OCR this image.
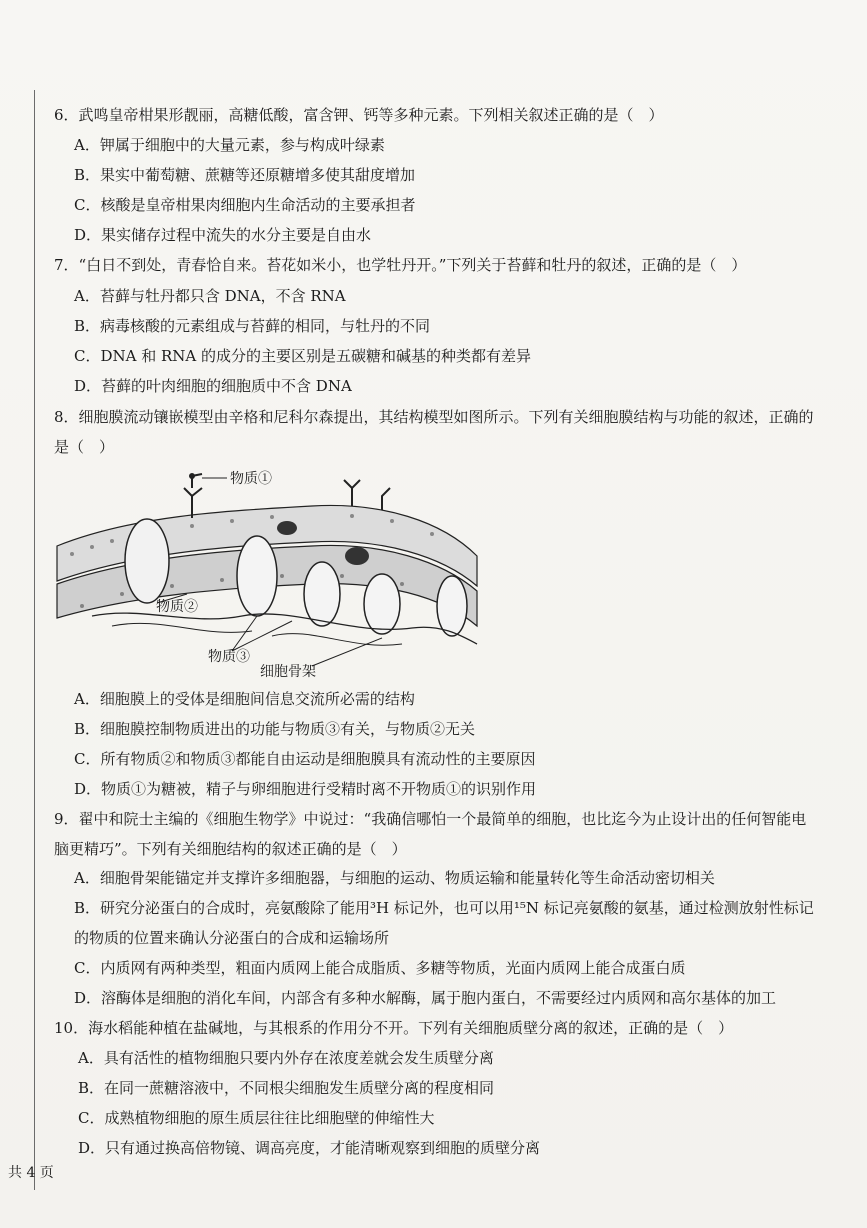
6．武鸣皇帝柑果形靓丽，高糖低酸，富含钾、钙等多种元素。下列相关叙述正确的是（　）
A．钾属于细胞中的大量元素，参与构成叶绿素
B．果实中葡萄糖、蔗糖等还原糖增多使其甜度增加
C．核酸是皇帝柑果肉细胞内生命活动的主要承担者
D．果实储存过程中流失的水分主要是自由水
7．“白日不到处，青春恰自来。苔花如米小，也学牡丹开。”下列关于苔藓和牡丹的叙述，正确的是（　）
A．苔藓与牡丹都只含 DNA，不含 RNA
B．病毒核酸的元素组成与苔藓的相同，与牡丹的不同
C．DNA 和 RNA 的成分的主要区别是五碳糖和碱基的种类都有差异
D．苔藓的叶肉细胞的细胞质中不含 DNA
8．细胞膜流动镶嵌模型由辛格和尼科尔森提出，其结构模型如图所示。下列有关细胞膜结构与功能的叙述，正确的是（　）
物质①
物质②
物质③
细胞骨架
A．细胞膜上的受体是细胞间信息交流所必需的结构
B．细胞膜控制物质进出的功能与物质③有关，与物质②无关
C．所有物质②和物质③都能自由运动是细胞膜具有流动性的主要原因
D．物质①为糖被，精子与卵细胞进行受精时离不开物质①的识别作用
9．翟中和院士主编的《细胞生物学》中说过：“我确信哪怕一个最简单的细胞，也比迄今为止设计出的任何智能电脑更精巧”。下列有关细胞结构的叙述正确的是（　）
A．细胞骨架能锚定并支撑许多细胞器，与细胞的运动、物质运输和能量转化等生命活动密切相关
B．研究分泌蛋白的合成时，亮氨酸除了能用³H 标记外，也可以用¹⁵N 标记亮氨酸的氨基，通过检测放射性标记的物质的位置来确认分泌蛋白的合成和运输场所
C．内质网有两种类型，粗面内质网上能合成脂质、多糖等物质，光面内质网上能合成蛋白质
D．溶酶体是细胞的消化车间，内部含有多种水解酶，属于胞内蛋白，不需要经过内质网和高尔基体的加工
10．海水稻能种植在盐碱地，与其根系的作用分不开。下列有关细胞质壁分离的叙述，正确的是（　）
A．具有活性的植物细胞只要内外存在浓度差就会发生质壁分离
B．在同一蔗糖溶液中，不同根尖细胞发生质壁分离的程度相同
C．成熟植物细胞的原生质层往往比细胞壁的伸缩性大
D．只有通过换高倍物镜、调高亮度，才能清晰观察到细胞的质壁分离
共 4 页
